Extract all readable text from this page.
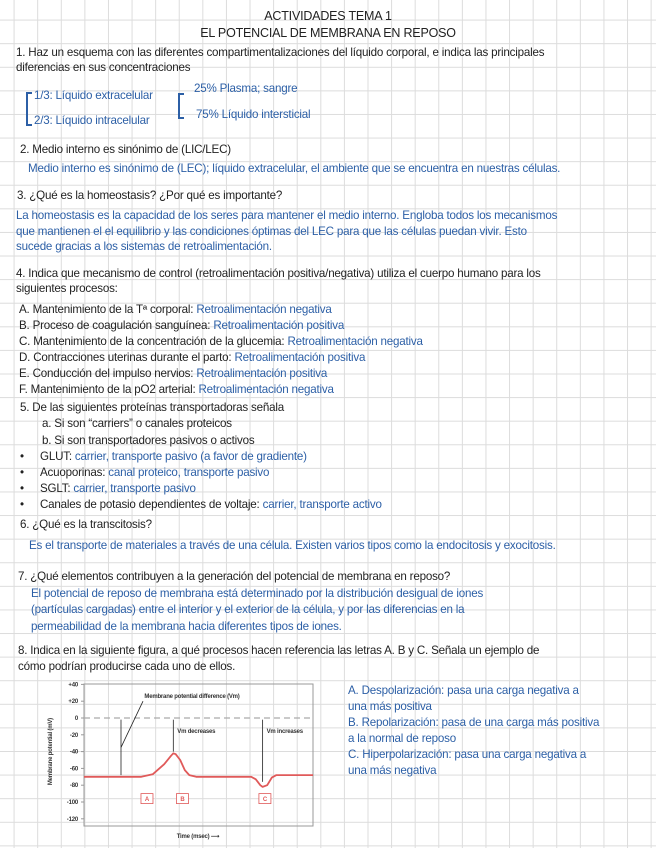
ACTIVIDADES TEMA 1
EL POTENCIAL DE MEMBRANA EN REPOSO
1. Haz un esquema con las diferentes compartimentalizaciones del líquido corporal, e indica las principales
diferencias en sus concentraciones
1/3: Líquido extracelular
2/3: Líquido intracelular
25% Plasma; sangre
75% Líquido intersticial
2. Medio interno es sinónimo de (LIC/LEC)
Medio interno es sinónimo de (LEC); líquido extracelular, el ambiente que se encuentra en nuestras células.
3. ¿Qué es la homeostasis? ¿Por qué es importante?
La homeostasis es la capacidad de los seres para mantener el medio interno. Engloba todos los mecanismos
que mantienen el el equilibrio y las condiciones óptimas del LEC para que las células puedan vivir. Esto
sucede gracias a los sistemas de retroalimentación.
4. Indica que mecanismo de control (retroalimentación positiva/negativa) utiliza el cuerpo humano para los
siguientes procesos:
A. Mantenimiento de la Tª corporal: Retroalimentación negativa
B. Proceso de coagulación sanguínea: Retroalimentación positiva
C. Mantenimiento de la concentración de la glucemia: Retroalimentación negativa
D. Contracciones uterinas durante el parto: Retroalimentación positiva
E. Conducción del impulso nervios: Retroalimentación positiva
F. Mantenimiento de la pO2 arterial: Retroalimentación negativa
5. De las siguientes proteínas transportadoras señala
a. Si son “carriers” o canales proteicos
b. Si son transportadores pasivos o activos
• GLUT: carrier, transporte pasivo (a favor de gradiente)
• Acuoporinas: canal proteico, transporte pasivo
• SGLT: carrier, transporte pasivo
• Canales de potasio dependientes de voltaje: carrier, transporte activo
6. ¿Qué es la transcitosis?
Es el transporte de materiales a través de una célula. Existen varios tipos como la endocitosis y exocitosis.
7. ¿Qué elementos contribuyen a la generación del potencial de membrana en reposo?
El potencial de reposo de membrana está determinado por la distribución desigual de iones
(partículas cargadas) entre el interior y el exterior de la célula, y por las diferencias en la
permeabilidad de la membrana hacia diferentes tipos de iones.
8. Indica en la siguiente figura, a qué procesos hacen referencia las letras A. B y C. Señala un ejemplo de
cómo podrían producirse cada uno de ellos.
A. Despolarización: pasa una carga negativa a
una más positiva
B. Repolarización: pasa de una carga más positiva
a la normal de reposo
C. Hiperpolarización: pasa una carga negativa a
una más negativa
+40
+20
0
-20
-40
-60
-80
-100
-120
Membrane potential (mV)
Time (msec) ⟶
Membrane potential difference (Vm)
Vm decreases	Vm increases
A	B	C
